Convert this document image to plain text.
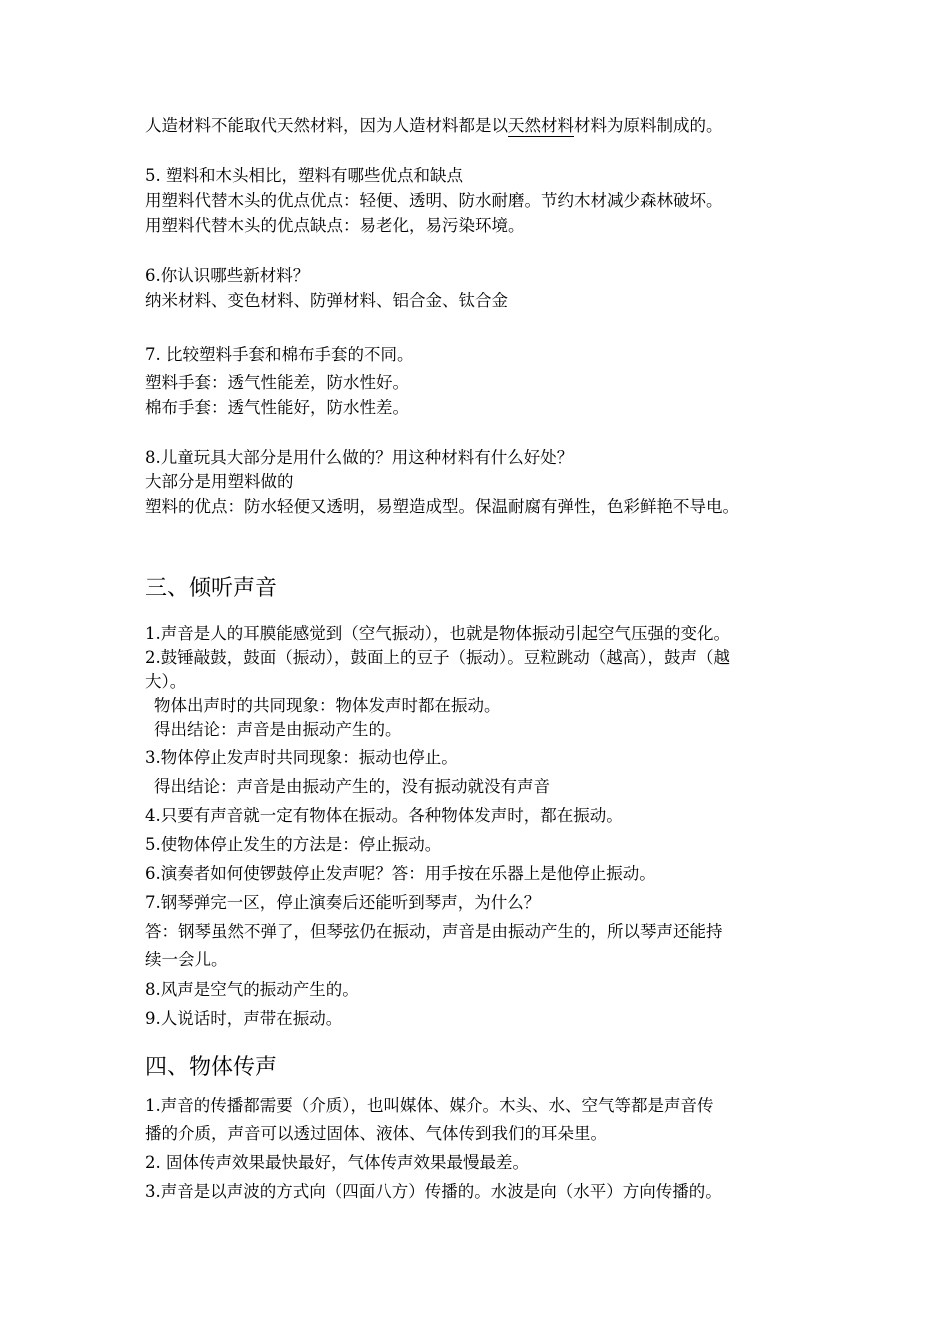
人造材料不能取代天然材料，因为人造材料都是以天然材料材料为原料制成的。

5. 塑料和木头相比，塑料有哪些优点和缺点

用塑料代替木头的优点优点：轻便、透明、防水耐磨。节约木材减少森林破坏。

用塑料代替木头的优点缺点：易老化，易污染环境。

6.你认识哪些新材料？

纳米材料、变色材料、防弹材料、铝合金、钛合金

7. 比较塑料手套和棉布手套的不同。

塑料手套：透气性能差，防水性好。

棉布手套：透气性能好，防水性差。

8.儿童玩具大部分是用什么做的？用这种材料有什么好处？

大部分是用塑料做的

塑料的优点：防水轻便又透明，易塑造成型。保温耐腐有弹性，色彩鲜艳不导电。

三、倾听声音

1.声音是人的耳膜能感觉到（空气振动），也就是物体振动引起空气压强的变化。

2.鼓锤敲鼓，鼓面（振动），鼓面上的豆子（振动）。豆粒跳动（越高），鼓声（越

大）。

物体出声时的共同现象：物体发声时都在振动。

得出结论：声音是由振动产生的。

3.物体停止发声时共同现象：振动也停止。

得出结论：声音是由振动产生的，没有振动就没有声音

4.只要有声音就一定有物体在振动。各种物体发声时，都在振动。

5.使物体停止发生的方法是：停止振动。

6.演奏者如何使锣鼓停止发声呢？答：用手按在乐器上是他停止振动。

7.钢琴弹完一区，停止演奏后还能听到琴声，为什么？

答：钢琴虽然不弹了，但琴弦仍在振动，声音是由振动产生的，所以琴声还能持

续一会儿。

8.风声是空气的振动产生的。

9.人说话时，声带在振动。

四、物体传声

1.声音的传播都需要（介质），也叫媒体、媒介。木头、水、空气等都是声音传

播的介质，声音可以透过固体、液体、气体传到我们的耳朵里。

2. 固体传声效果最快最好，气体传声效果最慢最差。

3.声音是以声波的方式向（四面八方）传播的。水波是向（水平）方向传播的。
